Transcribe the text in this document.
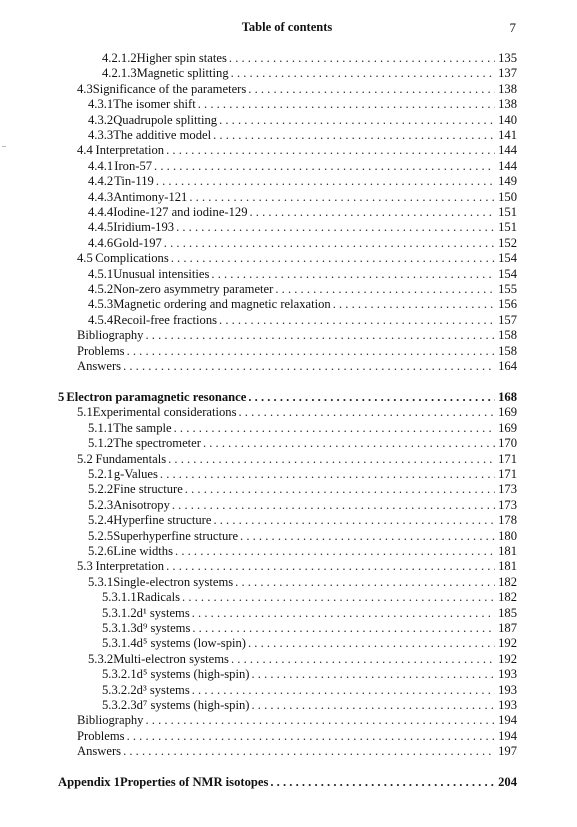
Table of contents	7
4.2.1.2 Higher spin states . . .	135
4.2.1.3 Magnetic splitting . . .	137
4.3 Significance of the parameters . . .	138
4.3.1 The isomer shift . . .	138
4.3.2 Quadrupole splitting . . .	140
4.3.3 The additive model . . .	141
4.4 Interpretation . . .	144
4.4.1 Iron-57 . . .	144
4.4.2 Tin-119 . . .	149
4.4.3 Antimony-121 . . .	150
4.4.4 Iodine-127 and iodine-129 . . .	151
4.4.5 Iridium-193 . . .	151
4.4.6 Gold-197 . . .	152
4.5 Complications . . .	154
4.5.1 Unusual intensities . . .	154
4.5.2 Non-zero asymmetry parameter . . .	155
4.5.3 Magnetic ordering and magnetic relaxation . . .	156
4.5.4 Recoil-free fractions . . .	157
Bibliography . . .	158
Problems . . .	158
Answers . . .	164
5 Electron paramagnetic resonance . . .	168
5.1 Experimental considerations . . .	169
5.1.1 The sample . . .	169
5.1.2 The spectrometer . . .	170
5.2 Fundamentals . . .	171
5.2.1 g-Values . . .	171
5.2.2 Fine structure . . .	173
5.2.3 Anisotropy . . .	173
5.2.4 Hyperfine structure . . .	178
5.2.5 Superhyperfine structure . . .	180
5.2.6 Line widths . . .	181
5.3 Interpretation . . .	181
5.3.1 Single-electron systems . . .	182
5.3.1.1 Radicals . . .	182
5.3.1.2 d¹ systems . . .	185
5.3.1.3 d⁹ systems . . .	187
5.3.1.4 d⁵ systems (low-spin) . . .	192
5.3.2 Multi-electron systems . . .	192
5.3.2.1 d⁵ systems (high-spin) . . .	193
5.3.2.2 d³ systems . . .	193
5.3.2.3 d⁷ systems (high-spin) . . .	193
Bibliography . . .	194
Problems . . .	194
Answers . . .	197
Appendix 1 Properties of NMR isotopes . . .	204
